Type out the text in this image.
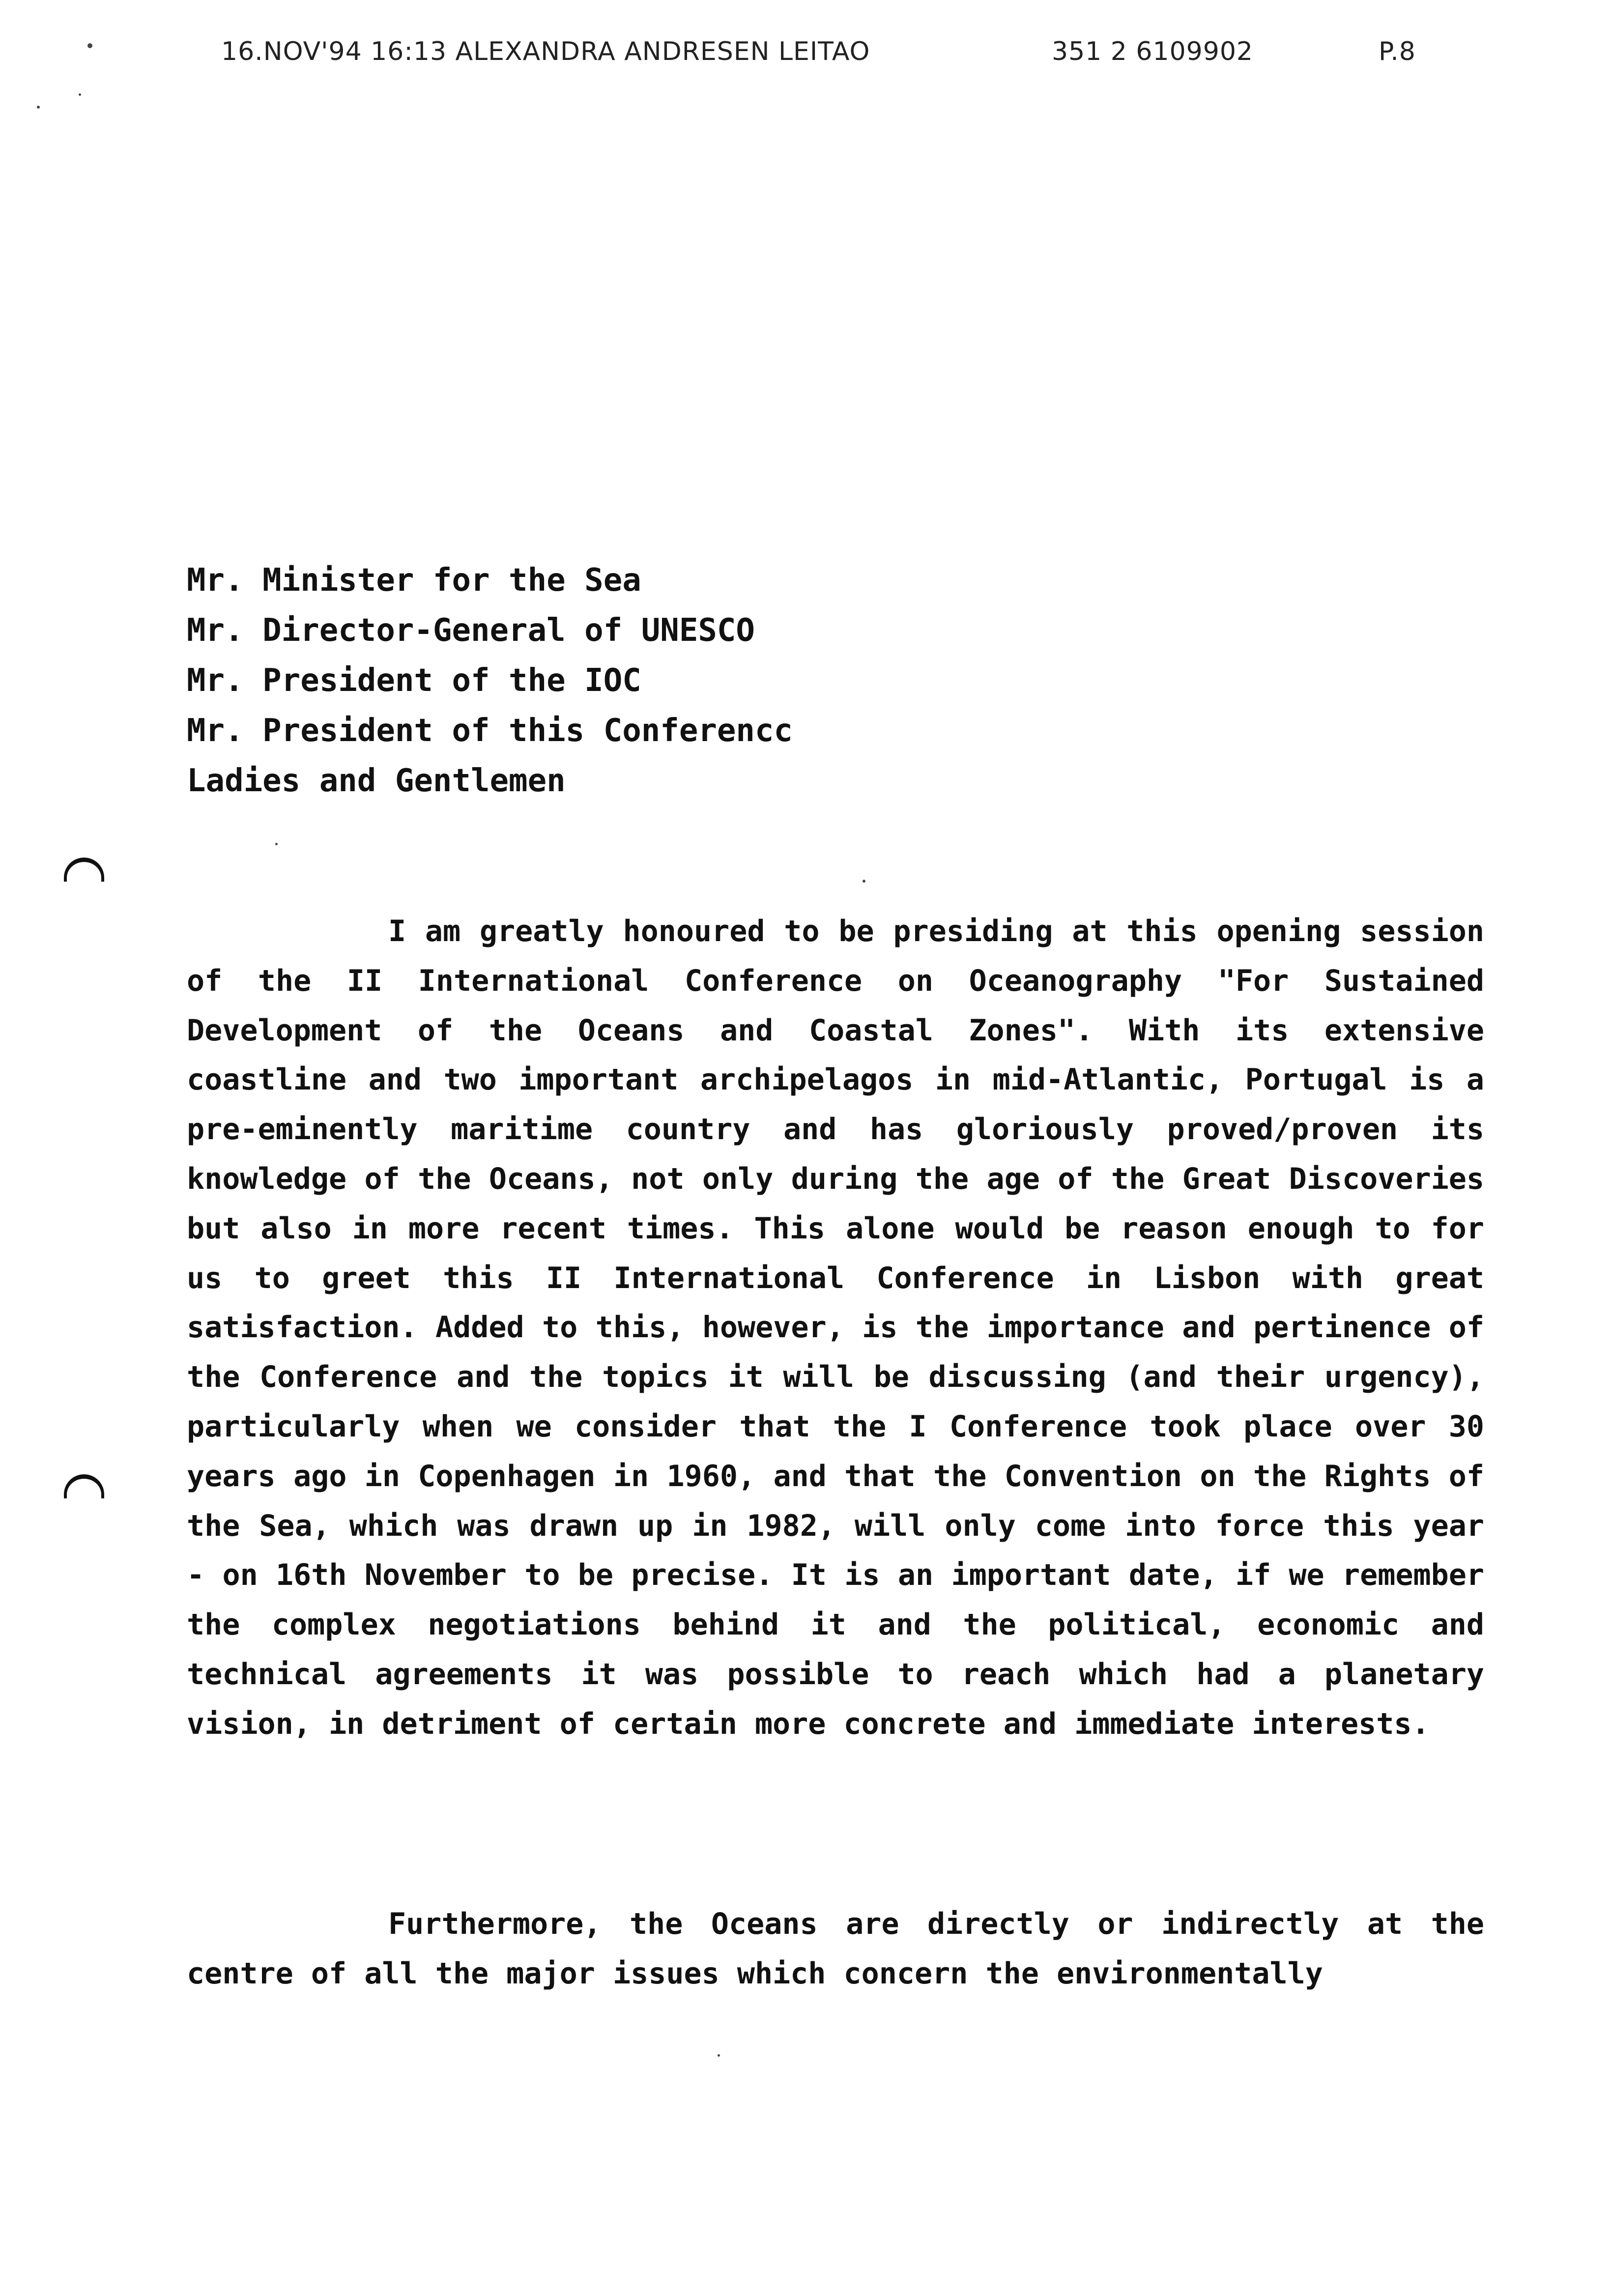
16.NOV'94 16:13 ALEXANDRA ANDRESEN LEITAO	351 2 6109902	P.8
Mr. Minister for the Sea
Mr. Director-General of UNESCO
Mr. President of the IOC
Mr. President of this Conferencc
Ladies and Gentlemen

I am greatly honoured to be presiding at this opening session of the II International Conference on Oceanography "For Sustained Development of the Oceans and Coastal Zones". With its extensive coastline and two important archipelagos in mid-Atlantic, Portugal is a pre-eminently maritime country and has gloriously proved/proven its knowledge of the Oceans, not only during the age of the Great Discoveries but also in more recent times. This alone would be reason enough to for us to greet this II International Conference in Lisbon with great satisfaction. Added to this, however, is the importance and pertinence of the Conference and the topics it will be discussing (and their urgency), particularly when we consider that the I Conference took place over 30 years ago in Copenhagen in 1960, and that the Convention on the Rights of the Sea, which was drawn up in 1982, will only come into force this year - on 16th November to be precise. It is an important date, if we remember the complex negotiations behind it and the political, economic and technical agreements it was possible to reach which had a planetary vision, in detriment of certain more concrete and immediate interests.

Furthermore, the Oceans are directly or indirectly at the centre of all the major issues which concern the environmentally
